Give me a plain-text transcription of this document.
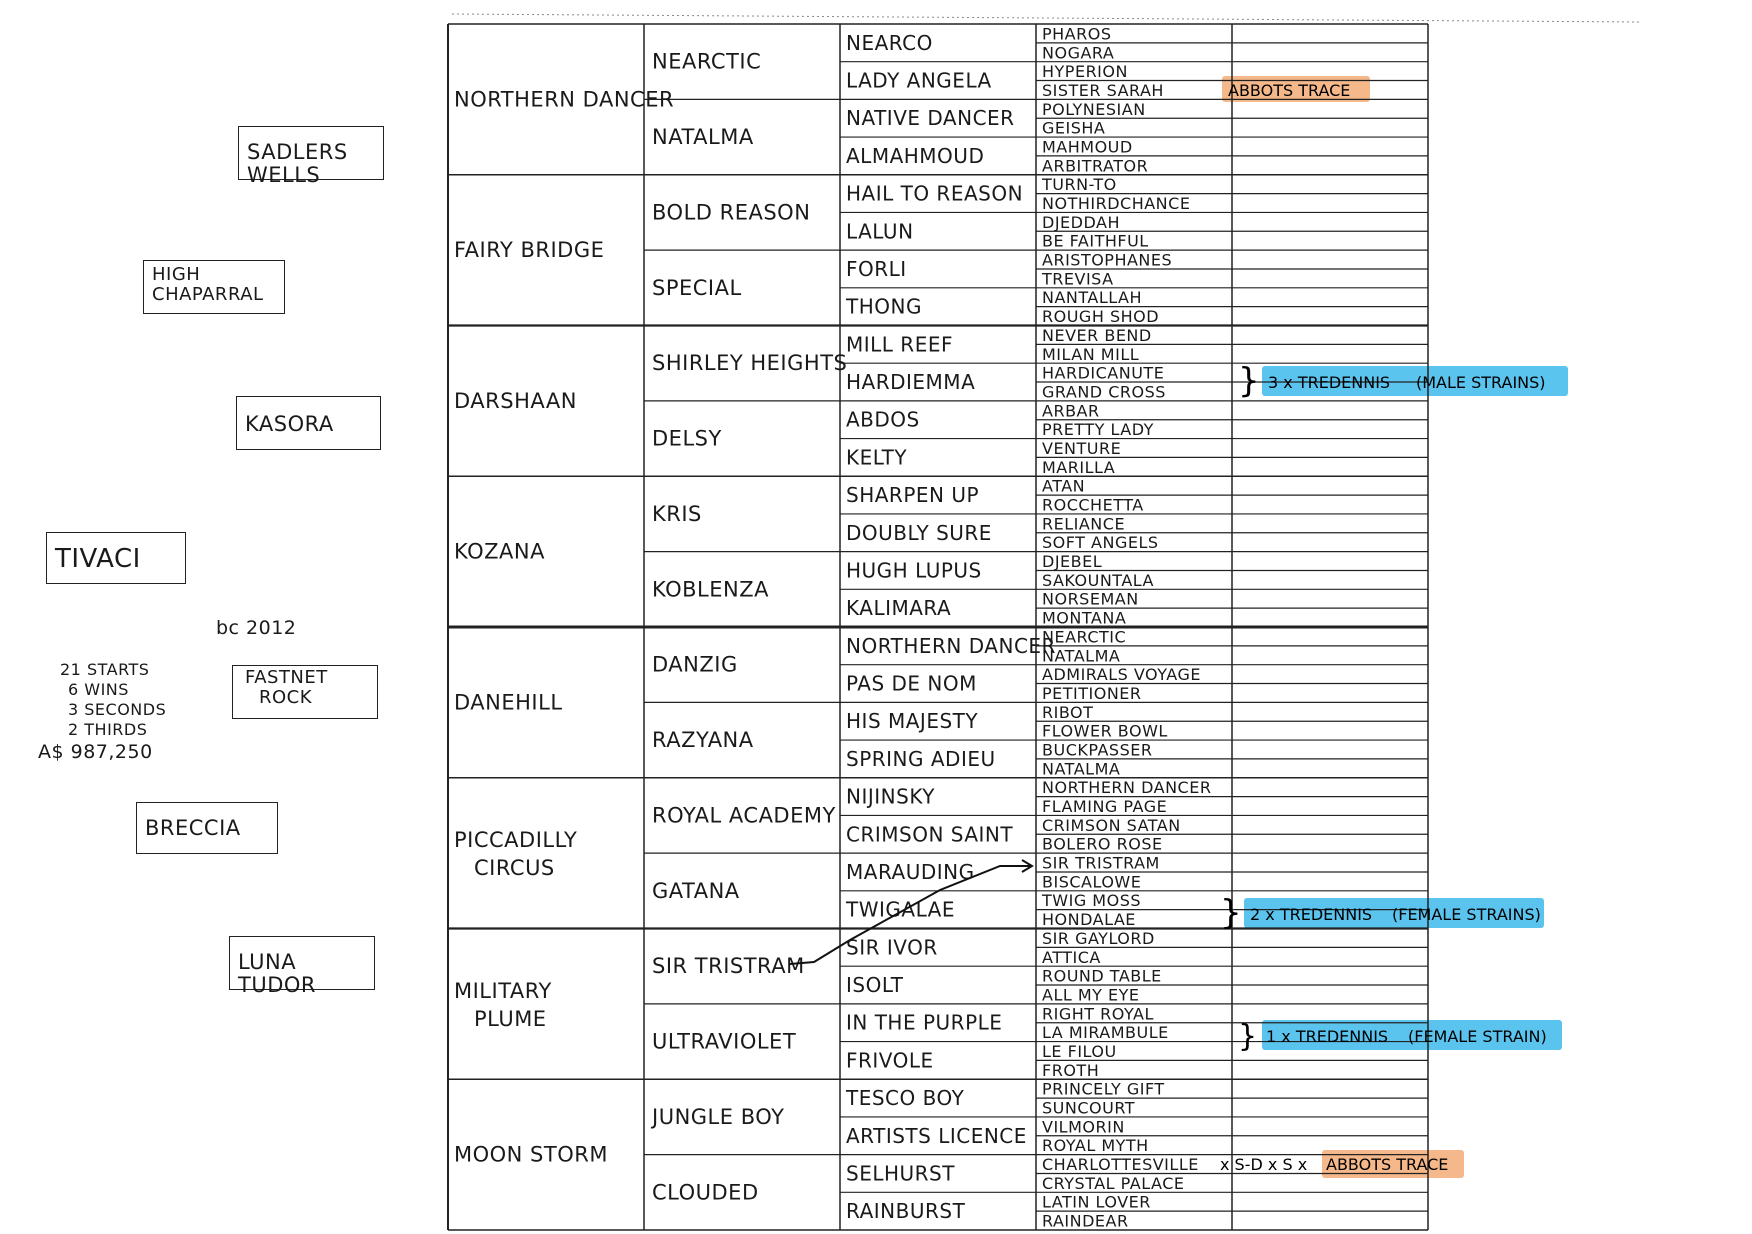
TIVACI
bc 2012
21 STARTS
6 WINS
3 SECONDS
2 THIRDS
A$ 987,250
SADLERS WELLS
HIGH
CHAPARRAL
KASORA
FASTNET
ROCK
BRECCIA
LUNA TUDOR
NORTHERN DANCER
FAIRY BRIDGE
DARSHAAN
KOZANA
DANEHILL
PICCADILLY CIRCUS
MILITARY PLUME
MOON STORM
NEARCTIC
NATALMA
BOLD REASON
SPECIAL
SHIRLEY HEIGHTS
DELSY
KRIS
KOBLENZA
DANZIG
RAZYANA
ROYAL ACADEMY
GATANA
SIR TRISTRAM
ULTRAVIOLET
JUNGLE BOY
CLOUDED
NEARCO
LADY ANGELA
NATIVE DANCER
ALMAHMOUD
HAIL TO REASON
LALUN
FORLI
THONG
MILL REEF
HARDIEMMA
ABDOS
KELTY
SHARPEN UP
DOUBLY SURE
HUGH LUPUS
KALIMARA
NORTHERN DANCER
PAS DE NOM
HIS MAJESTY
SPRING ADIEU
NIJINSKY
CRIMSON SAINT
MARAUDING
TWIGALAE
SIR IVOR
ISOLT
IN THE PURPLE
FRIVOLE
TESCO BOY
ARTISTS LICENCE
SELHURST
RAINBURST
PHAROS
NOGARA
HYPERION
SISTER SARAH
POLYNESIAN
GEISHA
MAHMOUD
ARBITRATOR
TURN-TO
NOTHIRDCHANCE
DJEDDAH
BE FAITHFUL
ARISTOPHANES
TREVISA
NANTALLAH
ROUGH SHOD
NEVER BEND
MILAN MILL
HARDICANUTE
GRAND CROSS
ARBAR
PRETTY LADY
VENTURE
MARILLA
ATAN
ROCCHETTA
RELIANCE
SOFT ANGELS
DJEBEL
SAKOUNTALA
NORSEMAN
MONTANA
NEARCTIC
NATALMA
ADMIRALS VOYAGE
PETITIONER
RIBOT
FLOWER BOWL
BUCKPASSER
NATALMA
NORTHERN DANCER
FLAMING PAGE
CRIMSON SATAN
BOLERO ROSE
SIR TRISTRAM
BISCALOWE
TWIG MOSS
HONDALAE
SIR GAYLORD
ATTICA
ROUND TABLE
ALL MY EYE
RIGHT ROYAL
LA MIRAMBULE
LE FILOU
FROTH
PRINCELY GIFT
SUNCOURT
VILMORIN
ROYAL MYTH
CHARLOTTESVILLE
CRYSTAL PALACE
LATIN LOVER
RAINDEAR
ABBOTS TRACE
} 3 x TREDENNIS (MALE STRAINS)
} 2 x TREDENNIS (FEMALE STRAINS)
} 1 x TREDENNIS (FEMALE STRAIN)
x S-D x S x ABBOTS TRACE
